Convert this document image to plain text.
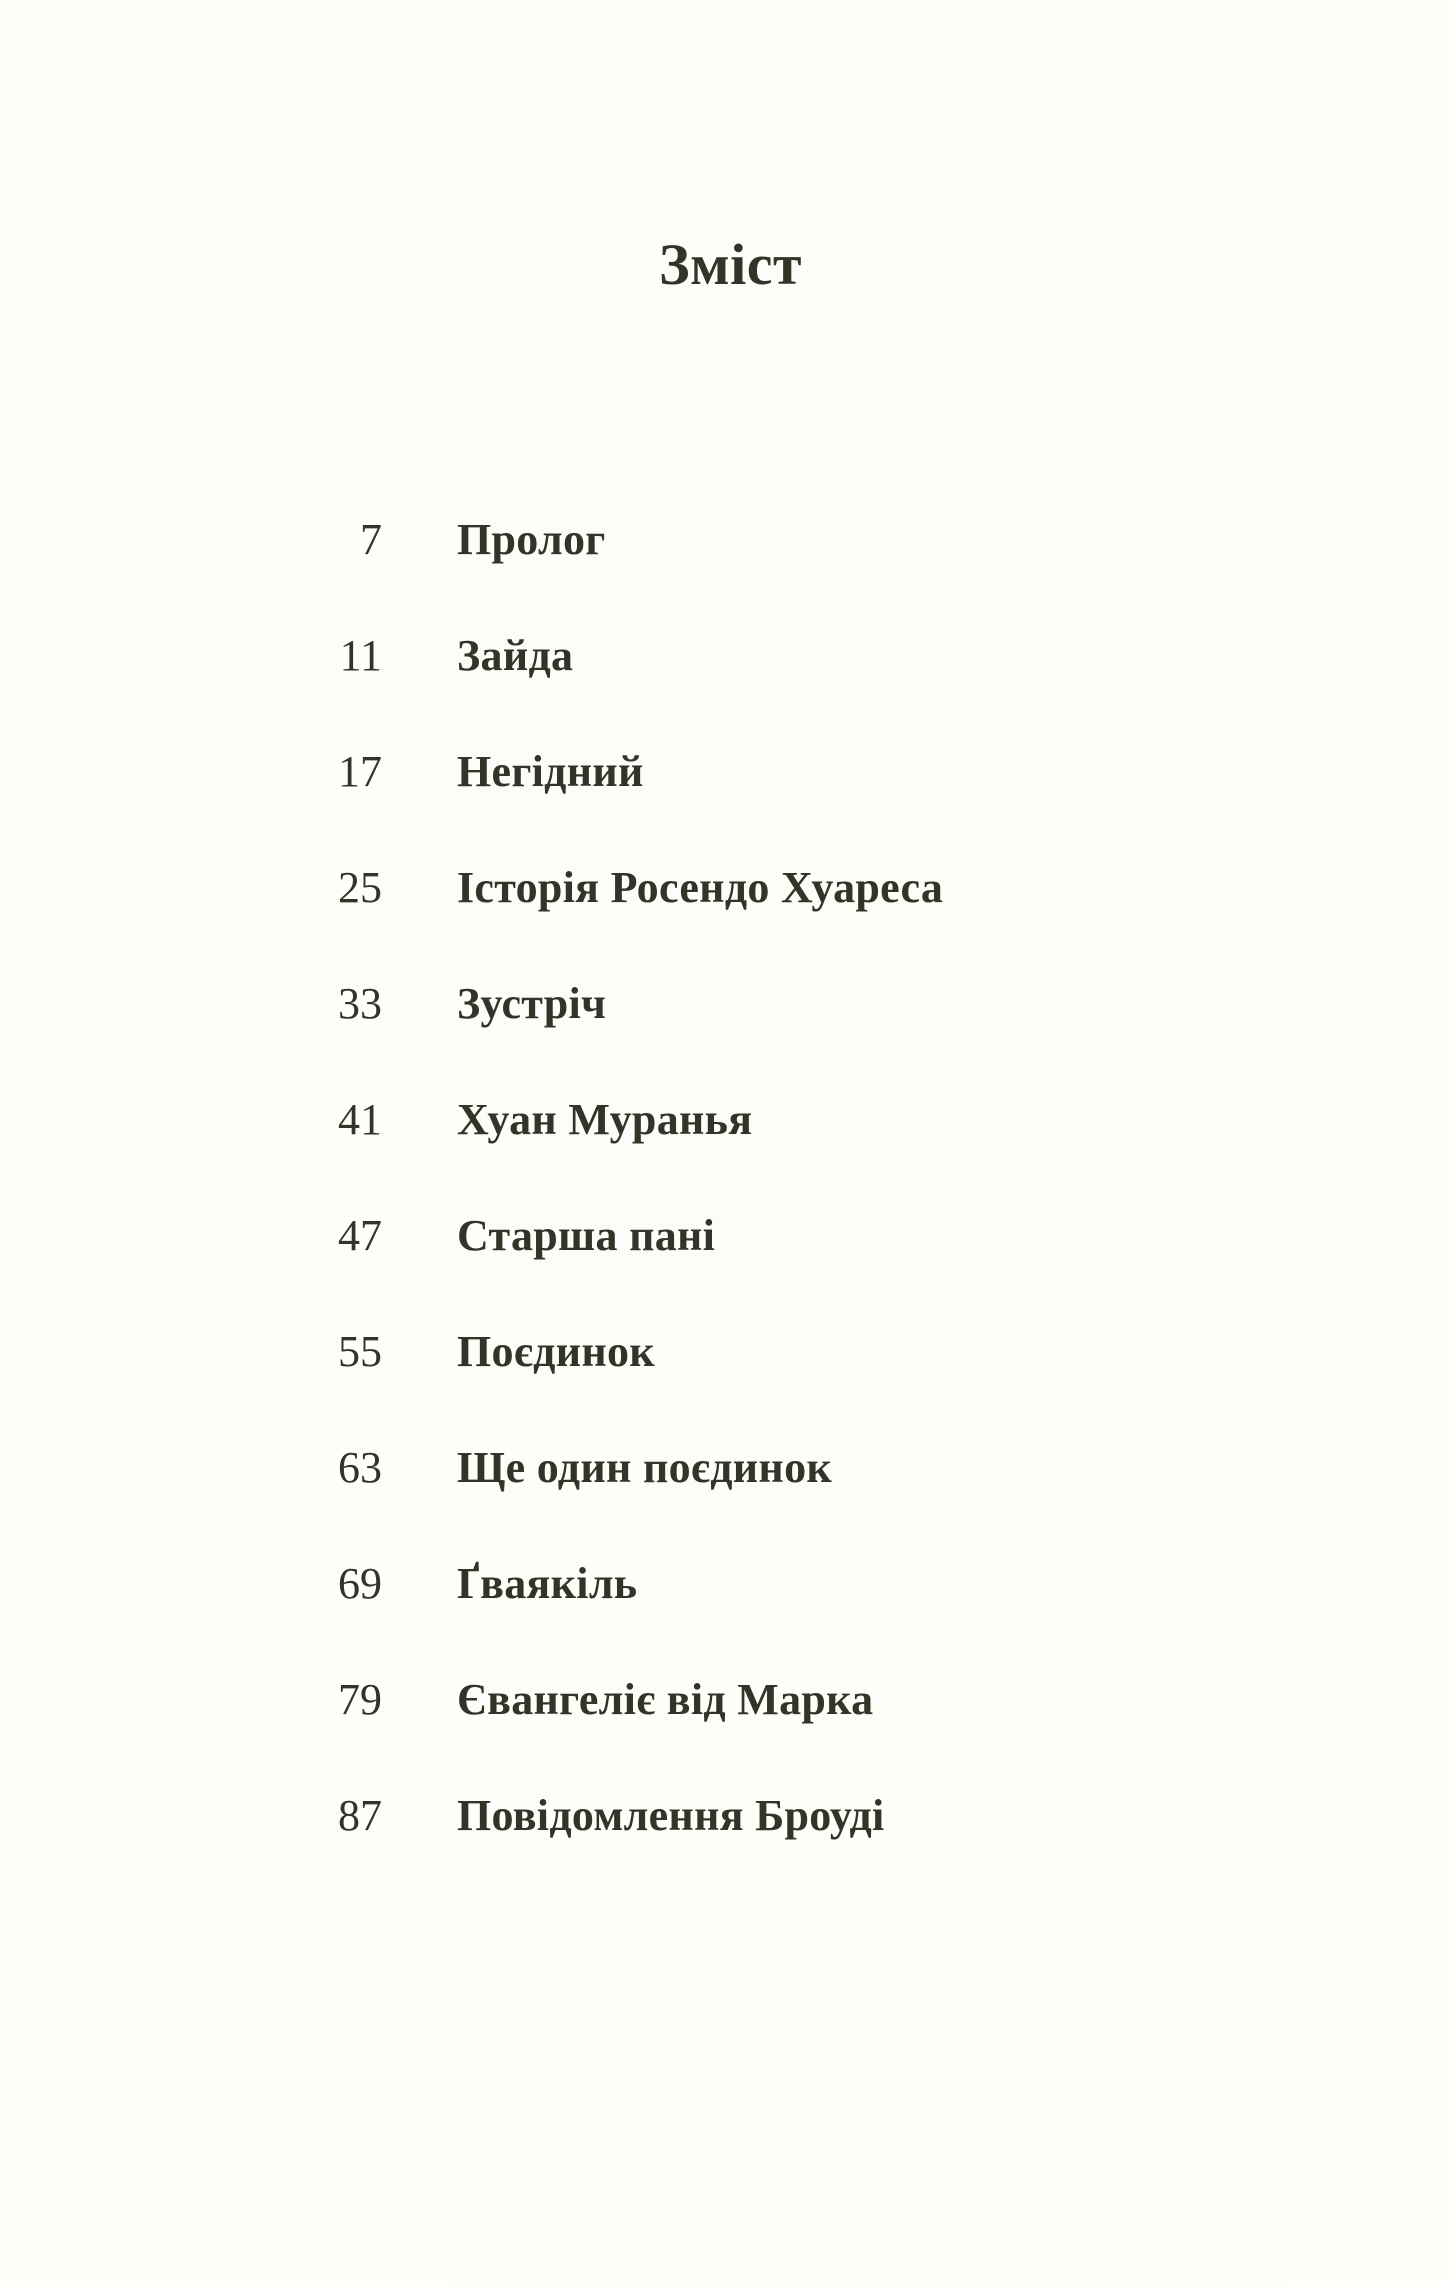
Зміст
7 Пролог
11 Зайда
17 Негідний
25 Історія Росендо Хуареса
33 Зустріч
41 Хуан Муранья
47 Старша пані
55 Поєдинок
63 Ще один поєдинок
69 Ґваякіль
79 Євангеліє від Марка
87 Повідомлення Броуді
